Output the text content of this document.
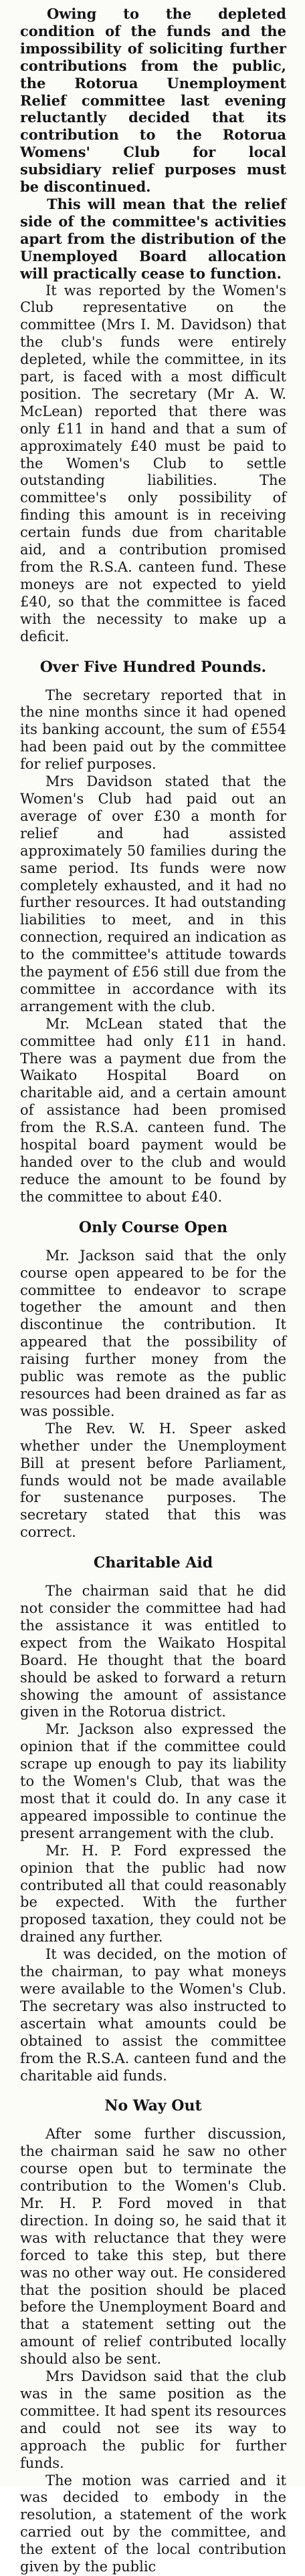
Owing to the depleted condition of the funds and the impossibility of soliciting further contributions from the public, the Rotorua Unemployment Relief committee last evening reluctantly decided that its contribution to the Rotorua Womens' Club for local subsidiary relief purposes must be discontinued.

This will mean that the relief side of the committee's activities apart from the distribution of the Unemployed Board allocation will practically cease to function.

It was reported by the Women's Club representative on the committee (Mrs I. M. Davidson) that the club's funds were entirely depleted, while the committee, in its part, is faced with a most difficult position. The secretary (Mr A. W. McLean) reported that there was only £11 in hand and that a sum of approximately £40 must be paid to the Women's Club to settle outstanding liabilities. The committee's only possibility of finding this amount is in receiving certain funds due from charitable aid, and a contribution promised from the R.S.A. canteen fund. These moneys are not expected to yield £40, so that the committee is faced with the necessity to make up a deficit.

Over Five Hundred Pounds.

The secretary reported that in the nine months since it had opened its banking account, the sum of £554 had been paid out by the committee for relief purposes.

Mrs Davidson stated that the Women's Club had paid out an average of over £30 a month for relief and had assisted approximately 50 families during the same period. Its funds were now completely exhausted, and it had no further resources. It had outstanding liabilities to meet, and in this connection, required an indication as to the committee's attitude towards the payment of £56 still due from the committee in accordance with its arrangement with the club.

Mr. McLean stated that the committee had only £11 in hand. There was a payment due from the Waikato Hospital Board on charitable aid, and a certain amount of assistance had been promised from the R.S.A. canteen fund. The hospital board payment would be handed over to the club and would reduce the amount to be found by the committee to about £40.

Only Course Open

Mr. Jackson said that the only course open appeared to be for the committee to endeavor to scrape together the amount and then discontinue the contribution. It appeared that the possibility of raising further money from the public was remote as the public resources had been drained as far as was possible.

The Rev. W. H. Speer asked whether under the Unemployment Bill at present before Parliament, funds would not be made available for sustenance purposes. The secretary stated that this was correct.

Charitable Aid

The chairman said that he did not consider the committee had had the assistance it was entitled to expect from the Waikato Hospital Board. He thought that the board should be asked to forward a return showing the amount of assistance given in the Rotorua district.

Mr. Jackson also expressed the opinion that if the committee could scrape up enough to pay its liability to the Women's Club, that was the most that it could do. In any case it appeared impossible to continue the present arrangement with the club.

Mr. H. P. Ford expressed the opinion that the public had now contributed all that could reasonably be expected. With the further proposed taxation, they could not be drained any further.

It was decided, on the motion of the chairman, to pay what moneys were available to the Women's Club. The secretary was also instructed to ascertain what amounts could be obtained to assist the committee from the R.S.A. canteen fund and the charitable aid funds.

No Way Out

After some further discussion, the chairman said he saw no other course open but to terminate the contribution to the Women's Club. Mr. H. P. Ford moved in that direction. In doing so, he said that it was with reluctance that they were forced to take this step, but there was no other way out. He considered that the position should be placed before the Unemployment Board and that a statement setting out the amount of relief contributed locally should also be sent.

Mrs Davidson said that the club was in the same position as the committee. It had spent its resources and could not see its way to approach the public for further funds.

The motion was carried and it was decided to embody in the resolution, a statement of the work carried out by the committee, and the extent of the local contribution given by the public
